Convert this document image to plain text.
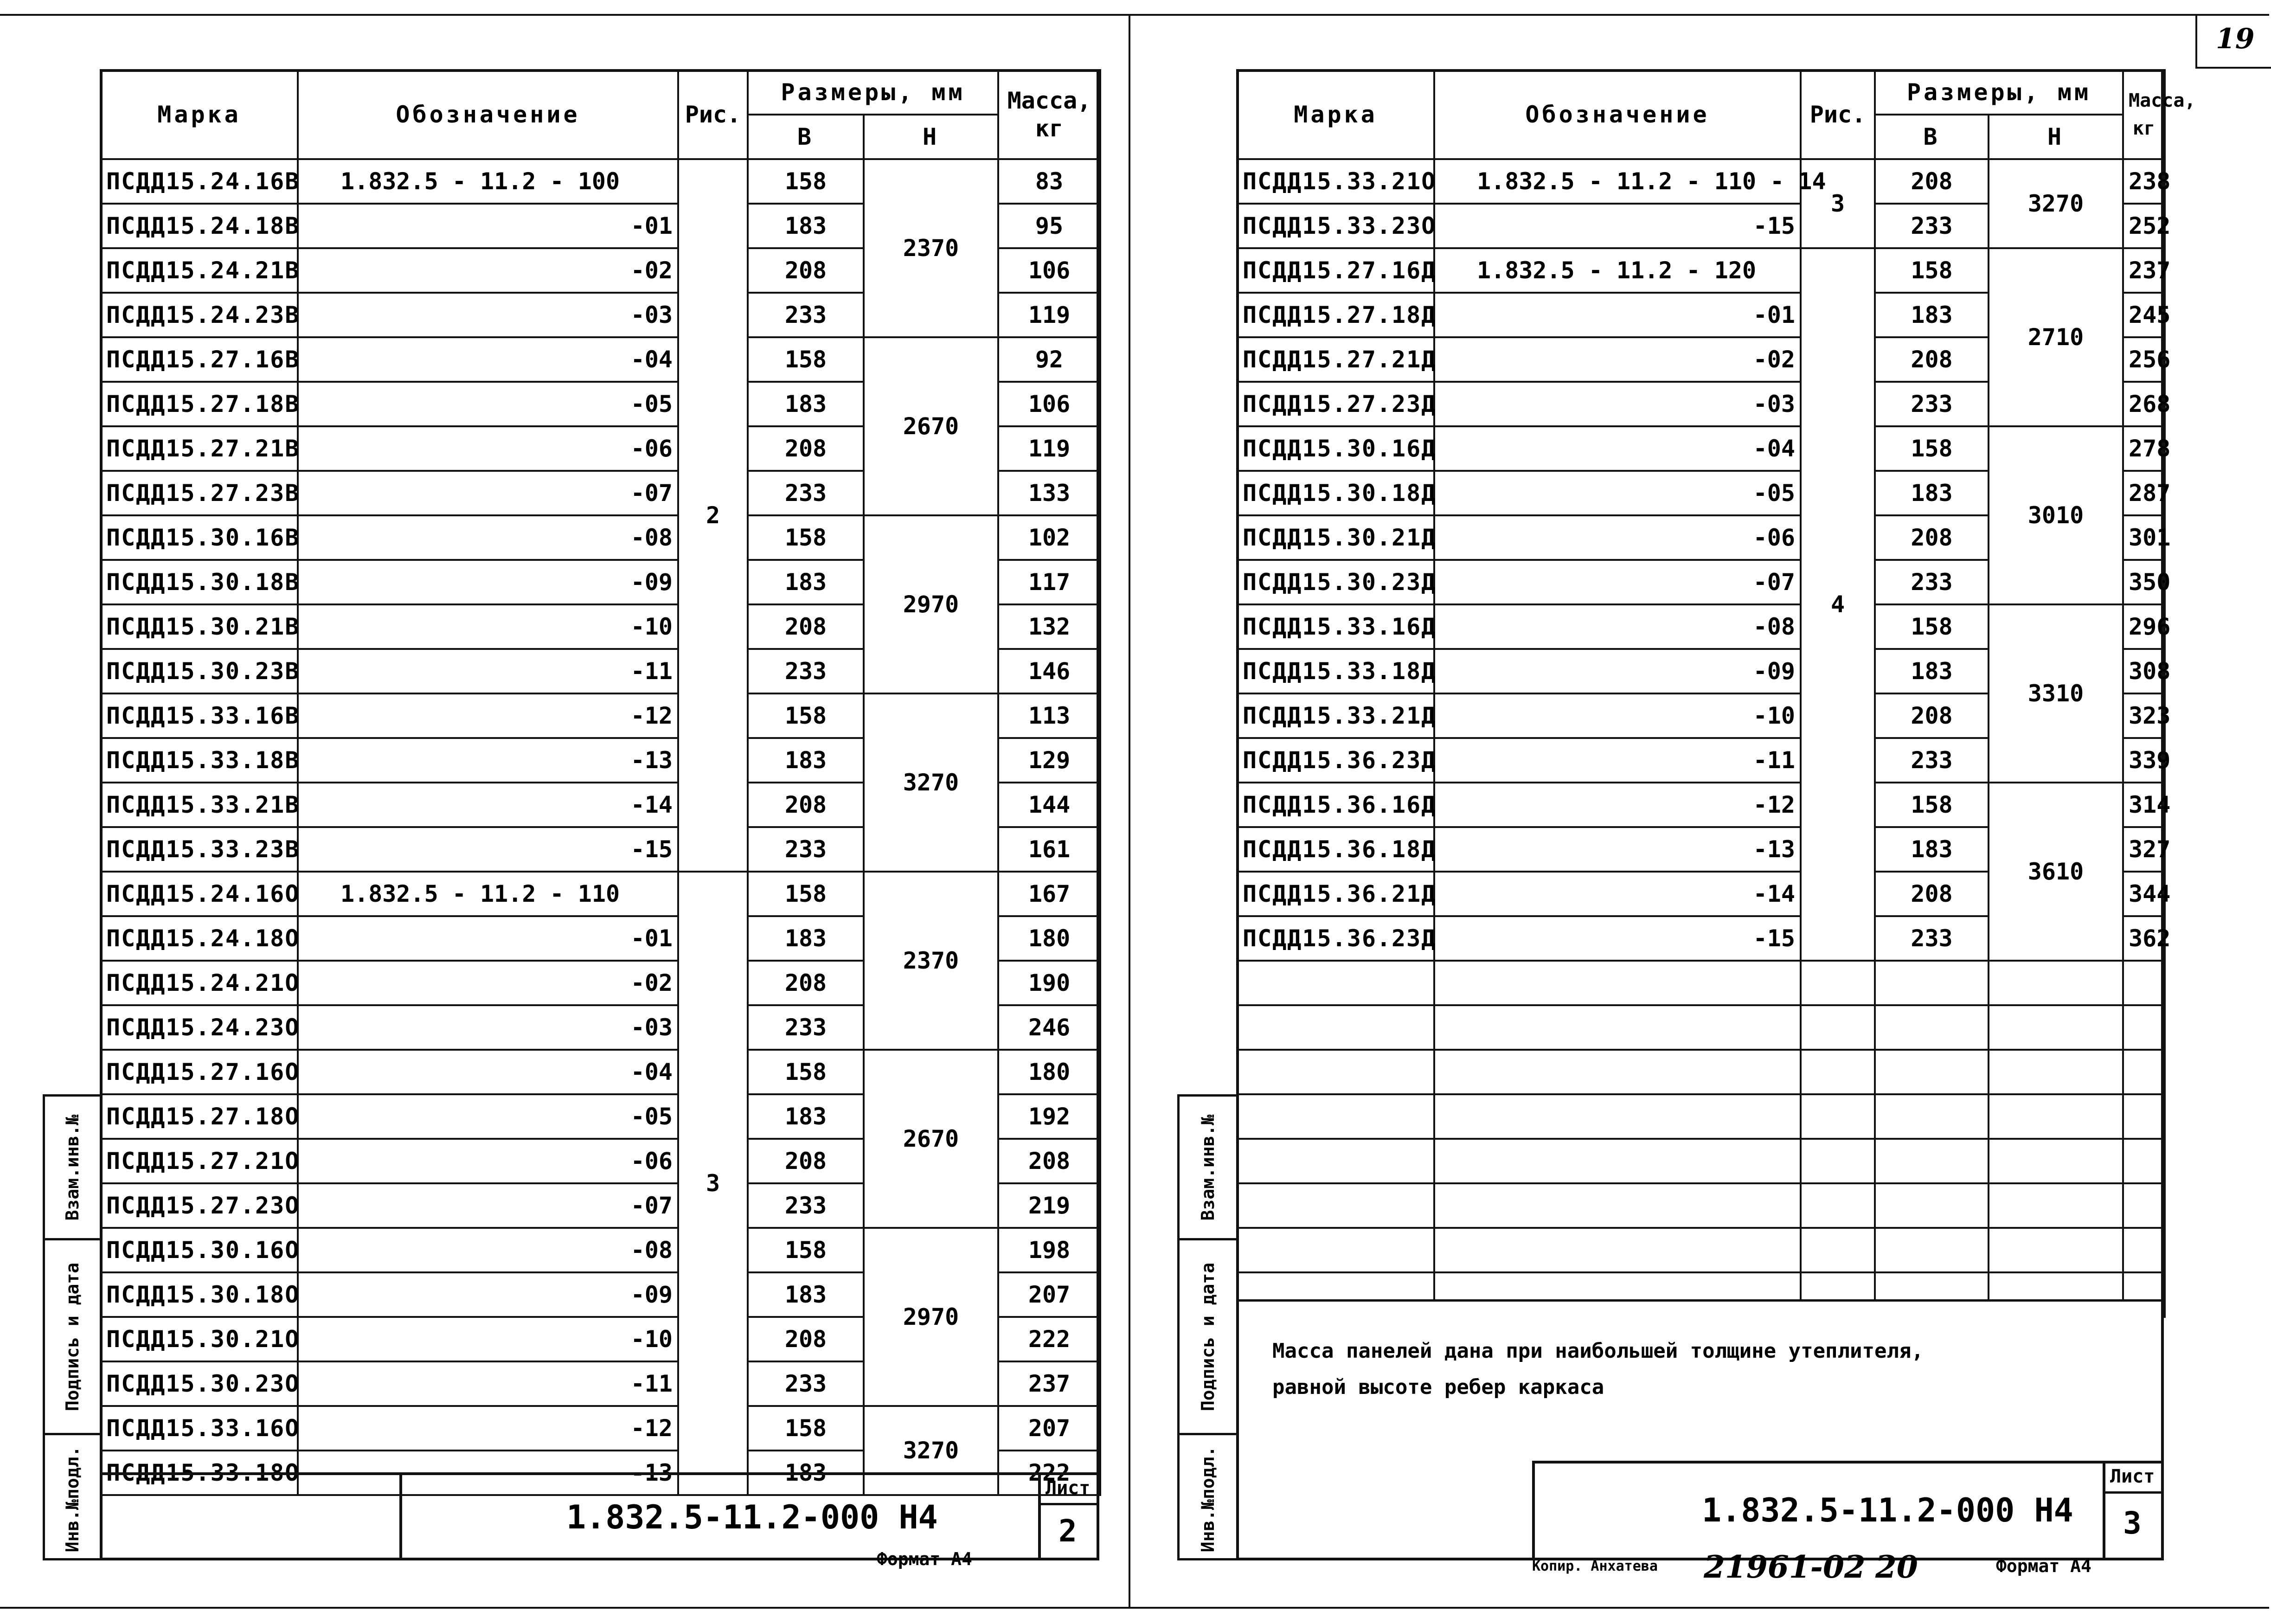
Марка	Обозначение	Рис.	Размеры, мм		Масса,
кг

			В	Н	
ПСДД15.24.16В	1.832.5 - 11.2 - 100	2	158	2370	83
ПСДД15.24.18В	-01		183		95
ПСДД15.24.21В	-02		208		106
ПСДД15.24.23В	-03		233		119
ПСДД15.27.16В	-04		158	2670	92
ПСДД15.27.18В	-05		183		106
ПСДД15.27.21В	-06		208		119
ПСДД15.27.23В	-07		233		133
ПСДД15.30.16В	-08		158	2970	102
ПСДД15.30.18В	-09		183		117
ПСДД15.30.21В	-10		208		132
ПСДД15.30.23В	-11		233		146
ПСДД15.33.16В	-12		158	3270	113
ПСДД15.33.18В	-13		183		129
ПСДД15.33.21В	-14		208		144
ПСДД15.33.23В	-15		233		161
ПСДД15.24.16О	1.832.5 - 11.2 - 110	3	158	2370	167
ПСДД15.24.18О	-01		183		180
ПСДД15.24.21О	-02		208		190
ПСДД15.24.23О	-03		233		246
ПСДД15.27.16О	-04		158	2670	180
ПСДД15.27.18О	-05		183		192
ПСДД15.27.21О	-06		208		208
ПСДД15.27.23О	-07		233		219
ПСДД15.30.16О	-08		158	2970	198
ПСДД15.30.18О	-09		183		207
ПСДД15.30.21О	-10		208		222
ПСДД15.30.23О	-11		233		237
ПСДД15.33.16О	-12		158	3270	207
ПСДД15.33.18О	-13		183		222
Взам.инв.№
Подпись и дата
Инв.№подл.	1.832.5-11.2-000 Н4
Лист
2
Формат А4
19
Марка	Обозначение	Рис.	Размеры, мм		Масса,
кг

			В	Н	
ПСДД15.33.21О	1.832.5 - 11.2 - 110 - 14	3	208	3270	238
ПСДД15.33.23О	-15		233		252
ПСДД15.27.16Д	1.832.5 - 11.2 - 120	4	158	2710	237
ПСДД15.27.18Д	-01		183		245
ПСДД15.27.21Д	-02		208		256
ПСДД15.27.23Д	-03		233		268
ПСДД15.30.16Д	-04		158	3010	278
ПСДД15.30.18Д	-05		183		287
ПСДД15.30.21Д	-06		208		301
ПСДД15.30.23Д	-07		233		350
ПСДД15.33.16Д	-08		158	3310	296
ПСДД15.33.18Д	-09		183		308
ПСДД15.33.21Д	-10		208		323
ПСДД15.36.23Д	-11		233		339
ПСДД15.36.16Д	-12		158	3610	314
ПСДД15.36.18Д	-13		183		327
ПСДД15.36.21Д	-14		208		344
ПСДД15.36.23Д	-15		233		362

Масса панелей дана при наибольшей толщине утеплителя,
равной высоте ребер каркаса
Взам.инв.№
Подпись и дата
Инв.№подл.	1.832.5-11.2-000 Н4
Лист
3
Копир. Анхатева 21961-02 20	Формат А4
